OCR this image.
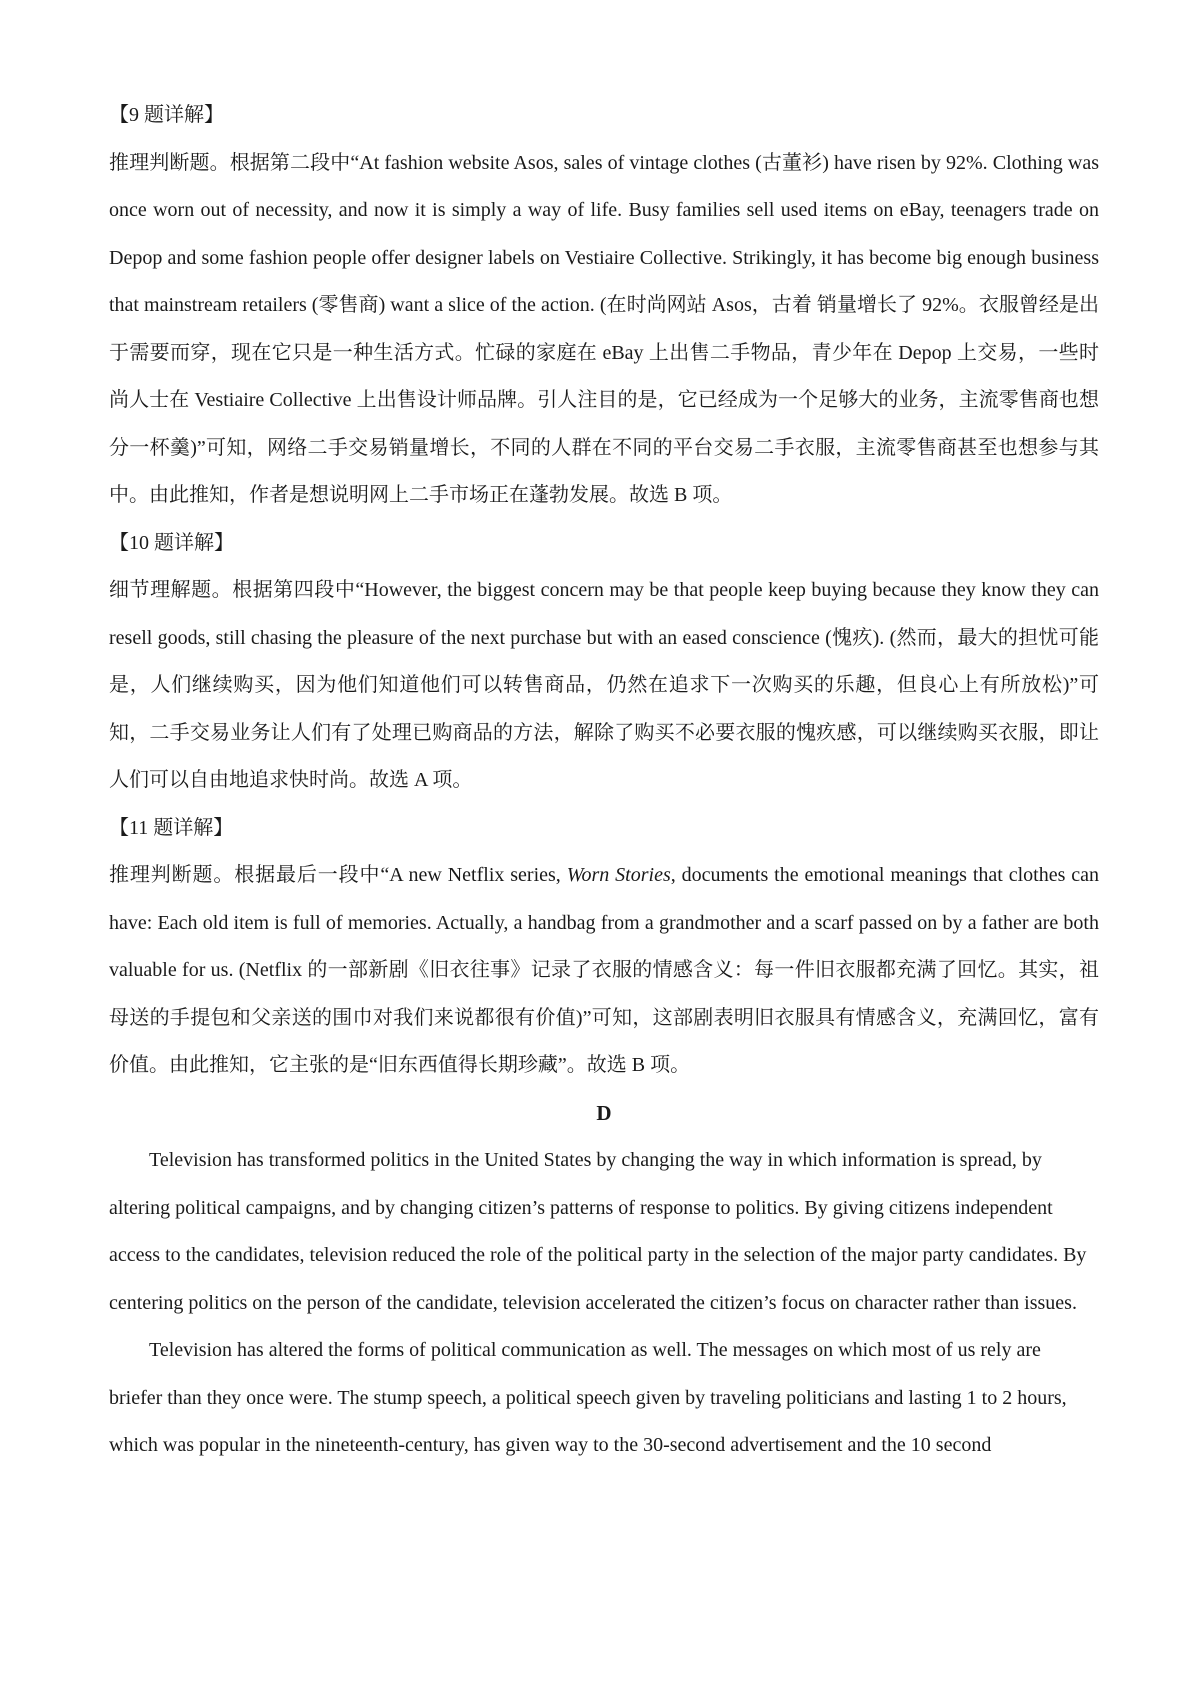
【9 题详解】

推理判断题。根据第二段中“At fashion website Asos, sales of vintage clothes (古董衫) have risen by 92%. Clothing was once worn out of necessity, and now it is simply a way of life. Busy families sell used items on eBay, teenagers trade on Depop and some fashion people offer designer labels on Vestiaire Collective. Strikingly, it has become big enough business that mainstream retailers (零售商) want a slice of the action. (在时尚网站 Asos，古着 销量增长了 92%。衣服曾经是出于需要而穿，现在它只是一种生活方式。忙碌的家庭在 eBay 上出售二手物品，青少年在 Depop 上交易，一些时尚人士在 Vestiaire Collective 上出售设计师品牌。引人注目的是，它已经成为一个足够大的业务，主流零售商也想分一杯羹)”可知，网络二手交易销量增长，不同的人群在不同的平台交易二手衣服，主流零售商甚至也想参与其中。由此推知，作者是想说明网上二手市场正在蓬勃发展。故选 B 项。

【10 题详解】

细节理解题。根据第四段中“However, the biggest concern may be that people keep buying because they know they can resell goods, still chasing the pleasure of the next purchase but with an eased conscience (愧疚). (然而，最大的担忧可能是，人们继续购买，因为他们知道他们可以转售商品，仍然在追求下一次购买的乐趣，但良心上有所放松)”可知，二手交易业务让人们有了处理已购商品的方法，解除了购买不必要衣服的愧疚感，可以继续购买衣服，即让人们可以自由地追求快时尚。故选 A 项。

【11 题详解】

推理判断题。根据最后一段中“A new Netflix series, Worn Stories, documents the emotional meanings that clothes can have: Each old item is full of memories. Actually, a handbag from a grandmother and a scarf passed on by a father are both valuable for us. (Netflix 的一部新剧《旧衣往事》记录了衣服的情感含义：每一件旧衣服都充满了回忆。其实，祖母送的手提包和父亲送的围巾对我们来说都很有价值)”可知，这部剧表明旧衣服具有情感含义，充满回忆，富有价值。由此推知，它主张的是“旧东西值得长期珍藏”。故选 B 项。

D

Television has transformed politics in the United States by changing the way in which information is spread, by altering political campaigns, and by changing citizen’s patterns of response to politics. By giving citizens independent access to the candidates, television reduced the role of the political party in the selection of the major party candidates. By centering politics on the person of the candidate, television accelerated the citizen’s focus on character rather than issues.

Television has altered the forms of political communication as well. The messages on which most of us rely are briefer than they once were. The stump speech, a political speech given by traveling politicians and lasting 1 to 2 hours, which was popular in the nineteenth-century, has given way to the 30-second advertisement and the 10 second
